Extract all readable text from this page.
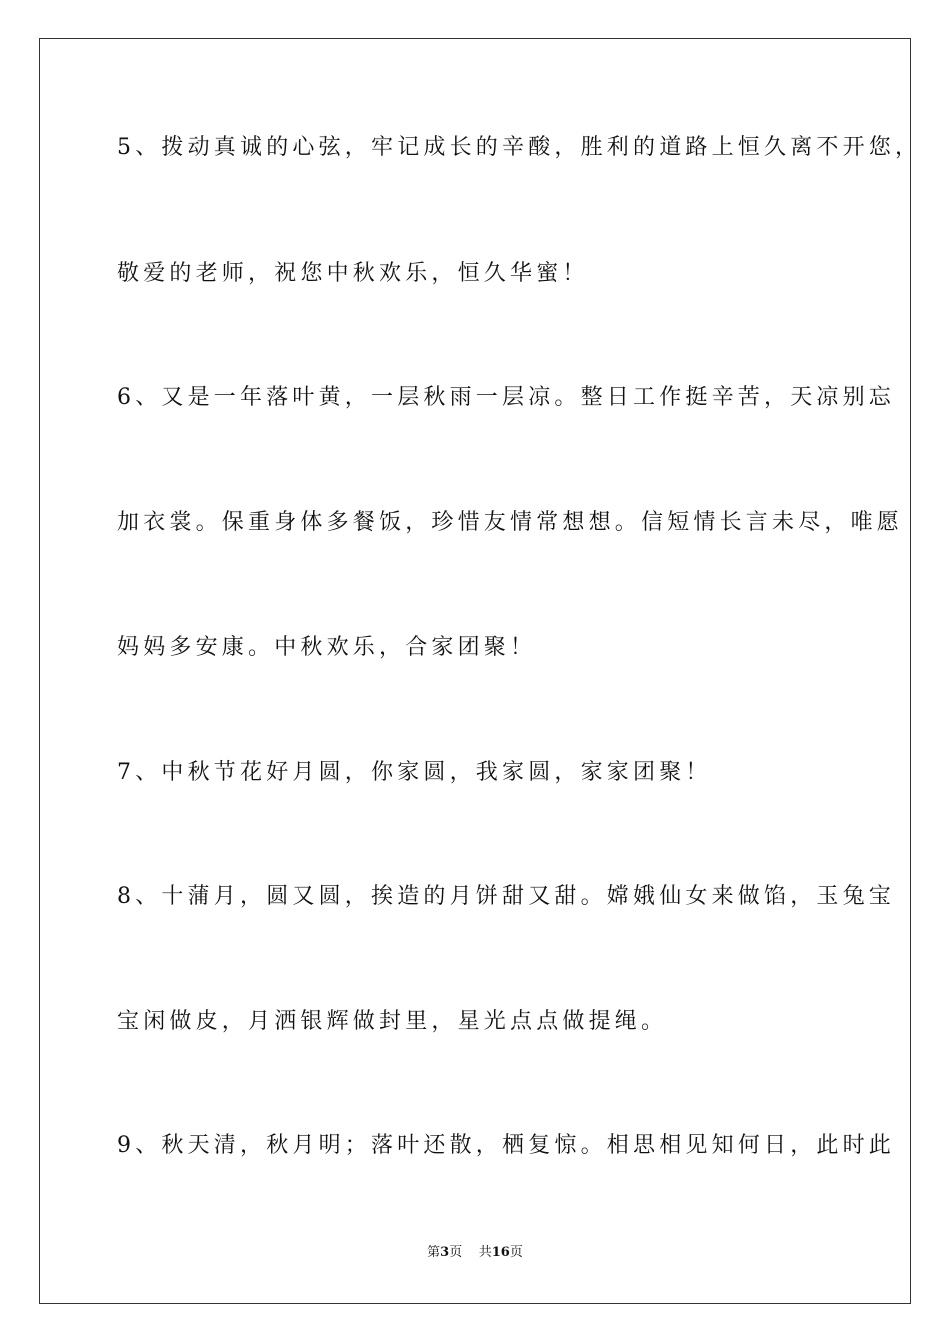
5、拨动真诚的心弦，牢记成长的辛酸，胜利的道路上恒久离不开您，
敬爱的老师，祝您中秋欢乐，恒久华蜜！
6、又是一年落叶黄，一层秋雨一层凉。整日工作挺辛苦，天凉别忘
加衣裳。保重身体多餐饭，珍惜友情常想想。信短情长言未尽，唯愿
妈妈多安康。中秋欢乐，合家团聚！
7、中秋节花好月圆，你家圆，我家圆，家家团聚！
8、十蒲月，圆又圆，挨造的月饼甜又甜。嫦娥仙女来做馅，玉兔宝
宝闲做皮，月洒银辉做封里，星光点点做提绳。
9、秋天清，秋月明；落叶还散，栖复惊。相思相见知何日，此时此
第3页 共16页
